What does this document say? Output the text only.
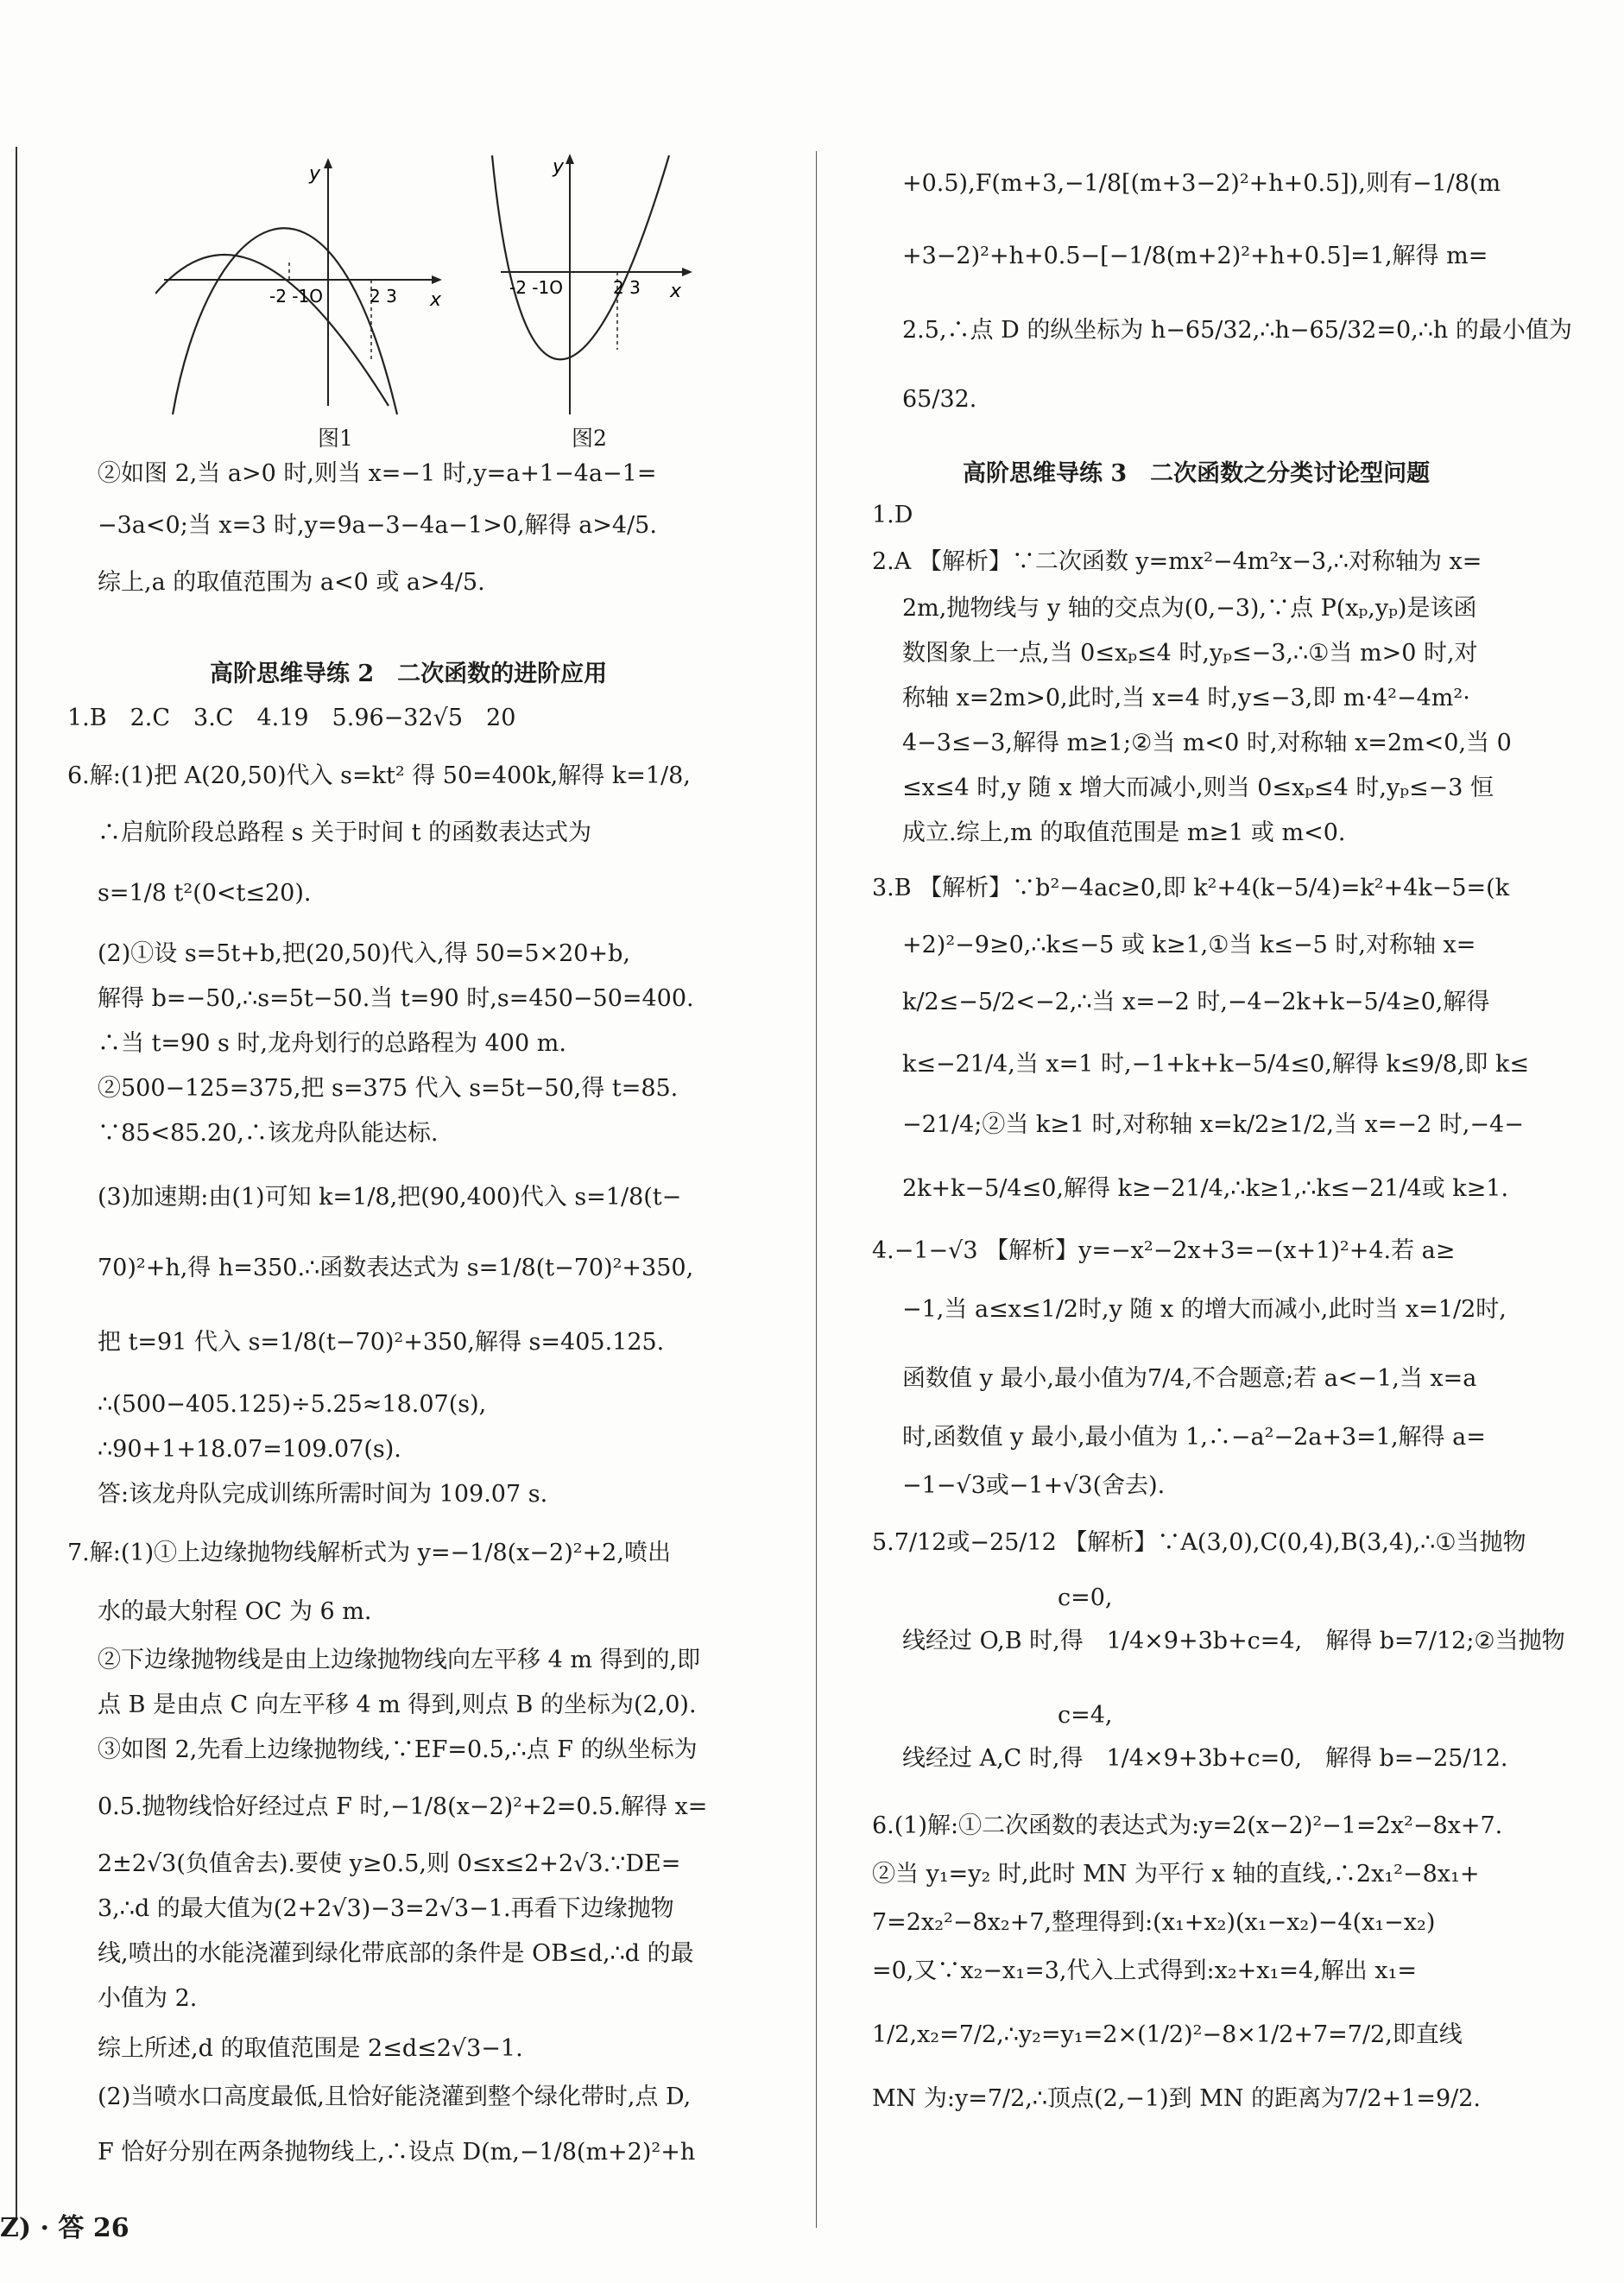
y
x
-2 -1O	2 3
图1
y
x
-2 -1O	2 3
图2
②如图 2,当 a>0 时,则当 x=−1 时,y=a+1−4a−1=
−3a<0;当 x=3 时,y=9a−3−4a−1>0,解得 a>4/5.
综上,a 的取值范围为 a<0 或 a>4/5.
高阶思维导练 2　二次函数的进阶应用
1.B　2.C　3.C　4.19　5.96−32√5　20
6.解:(1)把 A(20,50)代入 s=kt² 得 50=400k,解得 k=1/8,
∴启航阶段总路程 s 关于时间 t 的函数表达式为
s=1/8 t²(0<t≤20).
(2)①设 s=5t+b,把(20,50)代入,得 50=5×20+b,
解得 b=−50,∴s=5t−50.当 t=90 时,s=450−50=400.
∴当 t=90 s 时,龙舟划行的总路程为 400 m.
②500−125=375,把 s=375 代入 s=5t−50,得 t=85.
∵85<85.20,∴该龙舟队能达标.
(3)加速期:由(1)可知 k=1/8,把(90,400)代入 s=1/8(t−
70)²+h,得 h=350.∴函数表达式为 s=1/8(t−70)²+350,
把 t=91 代入 s=1/8(t−70)²+350,解得 s=405.125.
∴(500−405.125)÷5.25≈18.07(s),
∴90+1+18.07=109.07(s).
答:该龙舟队完成训练所需时间为 109.07 s.
7.解:(1)①上边缘抛物线解析式为 y=−1/8(x−2)²+2,喷出
水的最大射程 OC 为 6 m.
②下边缘抛物线是由上边缘抛物线向左平移 4 m 得到的,即
点 B 是由点 C 向左平移 4 m 得到,则点 B 的坐标为(2,0).
③如图 2,先看上边缘抛物线,∵EF=0.5,∴点 F 的纵坐标为
0.5.抛物线恰好经过点 F 时,−1/8(x−2)²+2=0.5.解得 x=
2±2√3(负值舍去).要使 y≥0.5,则 0≤x≤2+2√3.∵DE=
3,∴d 的最大值为(2+2√3)−3=2√3−1.再看下边缘抛物
线,喷出的水能浇灌到绿化带底部的条件是 OB≤d,∴d 的最
小值为 2.
综上所述,d 的取值范围是 2≤d≤2√3−1.
(2)当喷水口高度最低,且恰好能浇灌到整个绿化带时,点 D,
F 恰好分别在两条抛物线上,∴设点 D(m,−1/8(m+2)²+h
+0.5),F(m+3,−1/8[(m+3−2)²+h+0.5]),则有−1/8(m
+3−2)²+h+0.5−[−1/8(m+2)²+h+0.5]=1,解得 m=
2.5,∴点 D 的纵坐标为 h−65/32,∴h−65/32=0,∴h 的最小值为
65/32.
高阶思维导练 3　二次函数之分类讨论型问题
1.D
2.A 【解析】∵二次函数 y=mx²−4m²x−3,∴对称轴为 x=
2m,抛物线与 y 轴的交点为(0,−3),∵点 P(xₚ,yₚ)是该函
数图象上一点,当 0≤xₚ≤4 时,yₚ≤−3,∴①当 m>0 时,对
称轴 x=2m>0,此时,当 x=4 时,y≤−3,即 m·4²−4m²·
4−3≤−3,解得 m≥1;②当 m<0 时,对称轴 x=2m<0,当 0
≤x≤4 时,y 随 x 增大而减小,则当 0≤xₚ≤4 时,yₚ≤−3 恒
成立.综上,m 的取值范围是 m≥1 或 m<0.
3.B 【解析】∵b²−4ac≥0,即 k²+4(k−5/4)=k²+4k−5=(k
+2)²−9≥0,∴k≤−5 或 k≥1,①当 k≤−5 时,对称轴 x=
k/2≤−5/2<−2,∴当 x=−2 时,−4−2k+k−5/4≥0,解得
k≤−21/4,当 x=1 时,−1+k+k−5/4≤0,解得 k≤9/8,即 k≤
−21/4;②当 k≥1 时,对称轴 x=k/2≥1/2,当 x=−2 时,−4−
2k+k−5/4≤0,解得 k≥−21/4,∴k≥1,∴k≤−21/4或 k≥1.
4.−1−√3 【解析】y=−x²−2x+3=−(x+1)²+4.若 a≥
−1,当 a≤x≤1/2时,y 随 x 的增大而减小,此时当 x=1/2时,
函数值 y 最小,最小值为7/4,不合题意;若 a<−1,当 x=a
时,函数值 y 最小,最小值为 1,∴−a²−2a+3=1,解得 a=
−1−√3或−1+√3(舍去).
5.7/12或−25/12 【解析】∵A(3,0),C(0,4),B(3,4),∴①当抛物
c=0,
线经过 O,B 时,得　1/4×9+3b+c=4,　解得 b=7/12;②当抛物
c=4,
线经过 A,C 时,得　1/4×9+3b+c=0,　解得 b=−25/12.
6.(1)解:①二次函数的表达式为:y=2(x−2)²−1=2x²−8x+7.
②当 y₁=y₂ 时,此时 MN 为平行 x 轴的直线,∴2x₁²−8x₁+
7=2x₂²−8x₂+7,整理得到:(x₁+x₂)(x₁−x₂)−4(x₁−x₂)
=0,又∵x₂−x₁=3,代入上式得到:x₂+x₁=4,解出 x₁=
1/2,x₂=7/2,∴y₂=y₁=2×(1/2)²−8×1/2+7=7/2,即直线
MN 为:y=7/2,∴顶点(2,−1)到 MN 的距离为7/2+1=9/2.
Z) · 答 26
